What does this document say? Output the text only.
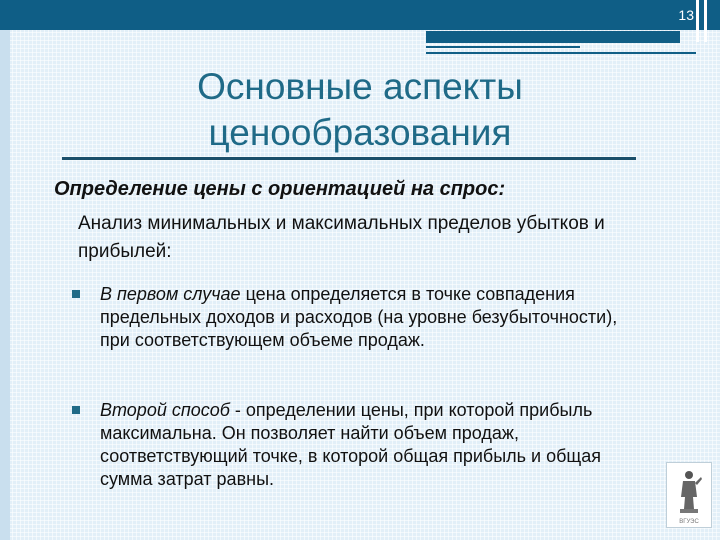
13
Основные аспекты
ценообразования
Определение цены с ориентацией на спрос:
Анализ минимальных и максимальных пределов убытков и прибылей:
В первом случае цена определяется в точке совпадения предельных доходов и расходов (на уровне безубыточности), при соответствующем объеме продаж.
Второй способ - определении цены, при которой прибыль максимальна. Он позволяет найти объем продаж, соответствующий точке, в которой общая прибыль и общая сумма затрат равны.
ВГУЭС
